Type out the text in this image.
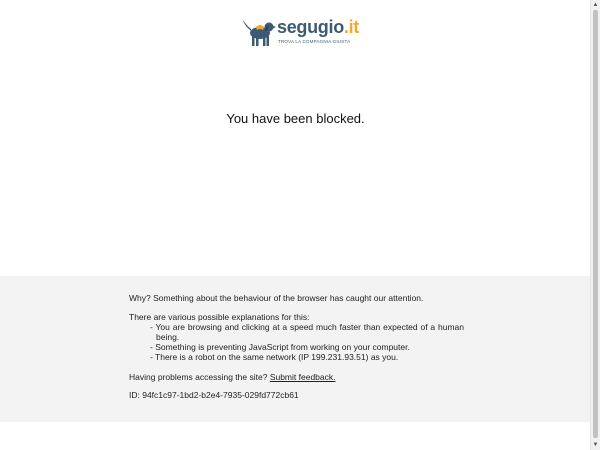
segugio.it
TROVA LA COMPAGNIA GIUSTA
You have been blocked.

Why? Something about the behaviour of the browser has caught our attention.

There are various possible explanations for this:

- You are browsing and clicking at a speed much faster than expected of a human being.
- Something is preventing JavaScript from working on your computer.
- There is a robot on the same network (IP 199.231.93.51) as you.

Having problems accessing the site? Submit feedback.

ID: 94fc1c97-1bd2-b2e4-7935-029fd772cb61

▲
▼
